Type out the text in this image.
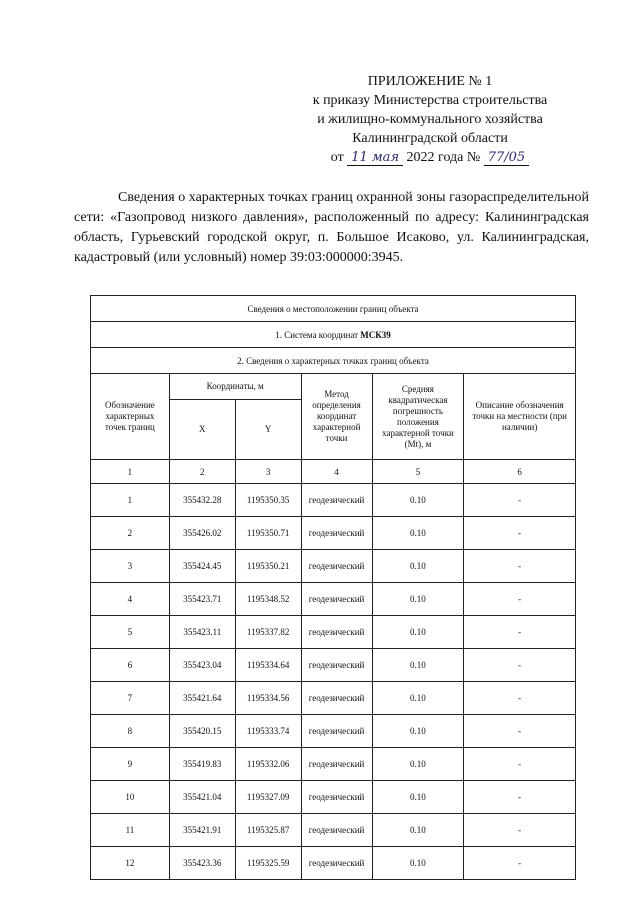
ПРИЛОЖЕНИЕ № 1
к приказу Министерства строительства
и жилищно-коммунального хозяйства
Калининградской области
от 11 мая 2022 года № 77/05
Сведения о характерных точках границ охранной зоны газораспределительной сети: «Газопровод низкого давления», расположенный по адресу: Калининградская область, Гурьевский городской округ, п. Большое Исаково, ул. Калининградская, кадастровый (или условный) номер 39:03:000000:3945.
Сведения о местоположении границ объекта					
1. Система координат МСК39					
2. Сведения о характерных точках границ объекта					
Обозначение характерных точек границ	Координаты, м		Метод определения координат характерной точки	Средняя квадратическая погрешность положения характерной точки (Mt), м	Описание обозначения точки на местности (при наличии)
	X	Y			
1	2	3	4	5	6
1	355432.28	1195350.35	геодезический	0.10	-
2	355426.02	1195350.71	геодезический	0.10	-
3	355424.45	1195350.21	геодезический	0.10	-
4	355423.71	1195348.52	геодезический	0.10	-
5	355423.11	1195337.82	геодезический	0.10	-
6	355423.04	1195334.64	геодезический	0.10	-
7	355421.64	1195334.56	геодезический	0.10	-
8	355420.15	1195333.74	геодезический	0.10	-
9	355419.83	1195332.06	геодезический	0.10	-
10	355421.04	1195327.09	геодезический	0.10	-
11	355421.91	1195325.87	геодезический	0.10	-
12	355423.36	1195325.59	геодезический	0.10	-
